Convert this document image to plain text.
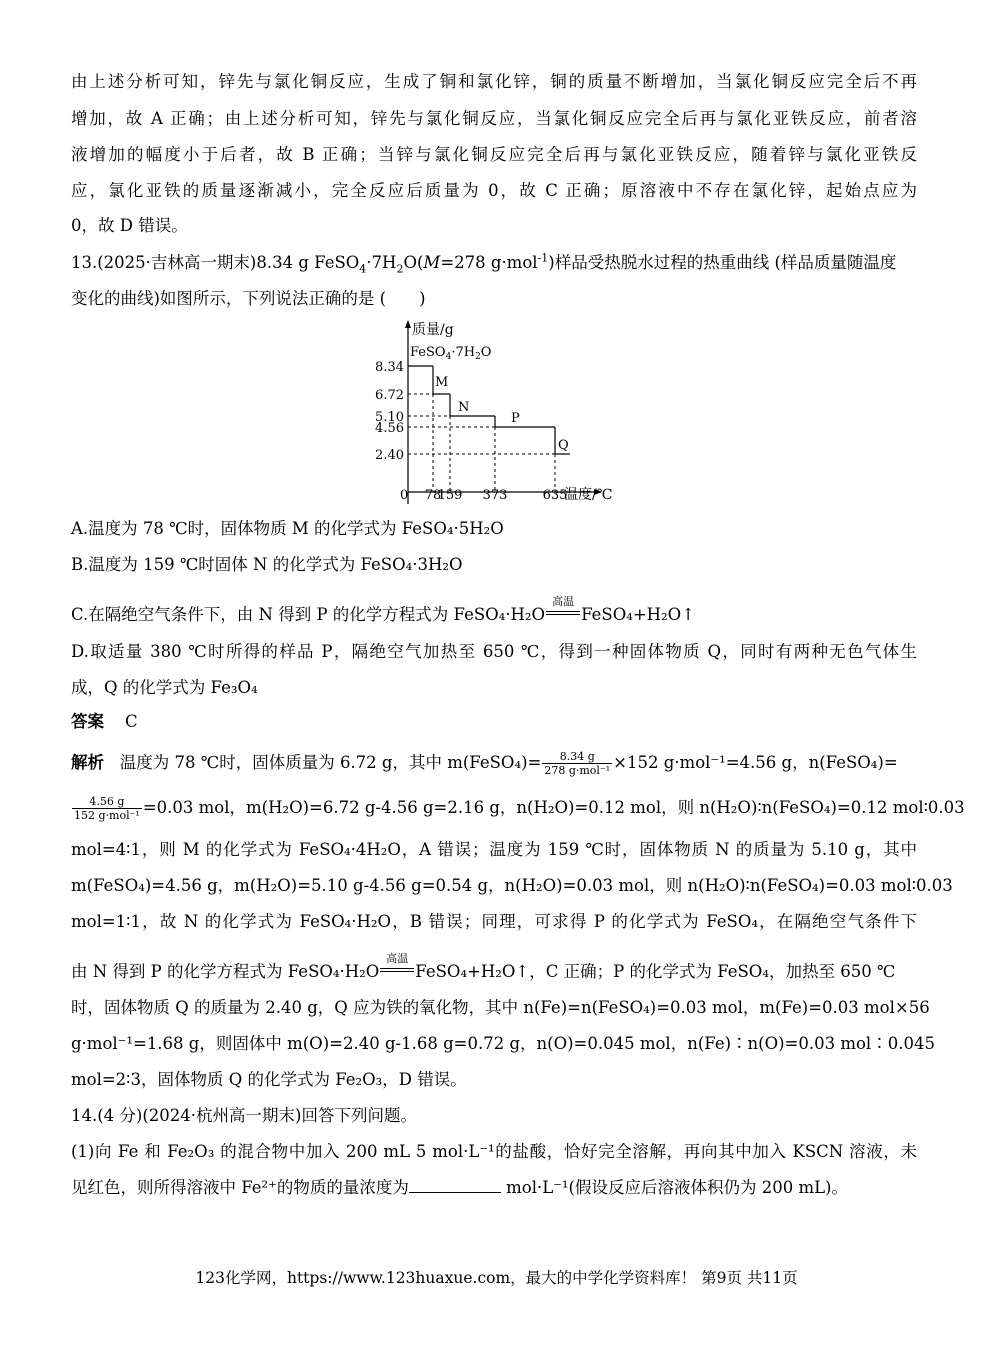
由上述分析可知，锌先与氯化铜反应，生成了铜和氯化锌，铜的质量不断增加，当氯化铜反应完全后不再
增加，故 A 正确；由上述分析可知，锌先与氯化铜反应，当氯化铜反应完全后再与氯化亚铁反应，前者溶
液增加的幅度小于后者，故 B 正确；当锌与氯化铜反应完全后再与氯化亚铁反应，随着锌与氯化亚铁反
应，氯化亚铁的质量逐渐减小，完全反应后质量为 0，故 C 正确；原溶液中不存在氯化锌，起始点应为
0，故 D 错误。
13.(2025·吉林高一期末)8.34 g $FeSO_4\cdot 7H_2O(M=278$ g·mol$^{-1}$)样品受热脱水过程的热重曲线 (样品质量随温度
变化的曲线)如图所示，下列说法正确的是 (　　)
8.34
6.72
5.10
4.56
2.40
78
159 373	635
$FeSO_4\cdot 7H_2O$
M
N
P
Q
质量/g
温度/℃
0
A.温度为 78 ℃时，固体物质 M 的化学式为 FeSO₄·5H₂O
B.温度为 159 ℃时固体 N 的化学式为 FeSO₄·3H₂O
C.在隔绝空气条件下，由 N 得到 P 的化学方程式为 FeSO₄·H₂O
高温
FeSO₄+H₂O↑
D.取适量 380 ℃时所得的样品 P，隔绝空气加热至 650 ℃，得到一种固体物质 Q，同时有两种无色气体生
成，Q 的化学式为 Fe₃O₄
答案 C
解析 温度为 78 ℃时，固体质量为 6.72 g，其中 m(FeSO₄)= $\frac{8.34 g}{\text{278 g·mol⁻¹}} \times 152$ g·mol⁻¹=4.56 g，n(FeSO₄)=
$\frac{4.56 g}{\text{152 g·mol⁻¹}} =0.03$ mol，m(H₂O)=6.72 g-4.56 g=2.16 g，n(H₂O)=0.12 mol，则 n(H₂O)∶n(FeSO₄)=0.12 mol∶0.03
mol=4∶1，则 M 的化学式为 FeSO₄·4H₂O，A 错误；温度为 159 ℃时，固体物质 N 的质量为 5.10 g，其中
m(FeSO₄)=4.56 g，m(H₂O)=5.10 g-4.56 g=0.54 g，n(H₂O)=0.03 mol，则 n(H₂O)∶n(FeSO₄)=0.03 mol∶0.03
mol=1∶1，故 N 的化学式为 FeSO₄·H₂O，B 错误；同理，可求得 P 的化学式为 FeSO₄，在隔绝空气条件下
由 N 得到 P 的化学方程式为 FeSO₄·H₂O
高温
FeSO₄+H₂O↑，C 正确；P 的化学式为 FeSO₄，加热至 650 ℃
时，固体物质 Q 的质量为 2.40 g，Q 应为铁的氧化物，其中 n(Fe)=n(FeSO₄)=0.03 mol，m(Fe)=0.03 mol×56
g·mol⁻¹=1.68 g，则固体中 m(O)=2.40 g-1.68 g=0.72 g，n(O)=0.045 mol，n(Fe)∶n(O)=0.03 mol∶0.045
mol=2∶3，固体物质 Q 的化学式为 Fe₂O₃，D 错误。
14.(4 分)(2024·杭州高一期末)回答下列问题。
(1)向 Fe 和 Fe₂O₃ 的混合物中加入 200 mL 5 mol·L⁻¹的盐酸，恰好完全溶解，再向其中加入 KSCN 溶液，未
见红色，则所得溶液中 Fe²⁺的物质的量浓度为	mol·L⁻¹(假设反应后溶液体积仍为 200 mL)。
123化学网，https://www.123huaxue.com，最大的中学化学资料库！ 第9页 共11页
